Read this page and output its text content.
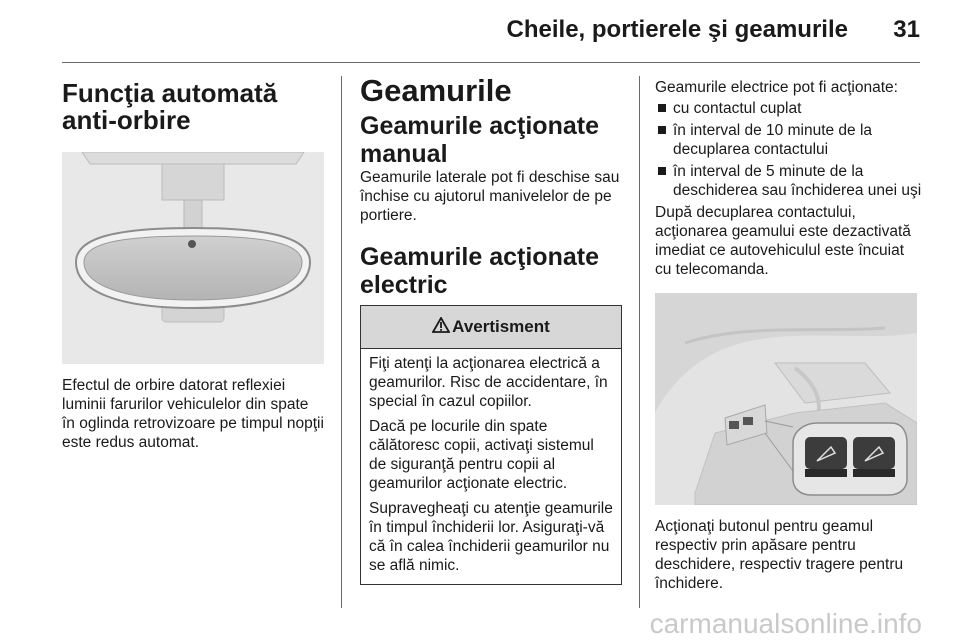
Cheile, portierele şi geamurile 31
Funcţia automată
anti-orbire

Efectul de orbire datorat reflexiei luminii farurilor vehiculelor din spate în oglinda retrovizoare pe timpul nopţii este redus automat.

Geamurile
Geamurile acţionate
manual

Geamurile laterale pot fi deschise sau închise cu ajutorul manivelelor de pe portiere.

Geamurile acţionate
electric
Avertisment

Fiţi atenţi la acţionarea electrică a geamurilor. Risc de accidentare, în special în cazul copiilor.

Dacă pe locurile din spate călătoresc copii, activaţi sistemul de siguranţă pentru copii al geamurilor acţionate electric.

Supravegheaţi cu atenţie geamurile în timpul închiderii lor. Asiguraţi-vă că în calea închiderii geamurilor nu se află nimic.

Geamurile electrice pot fi acţionate:

cu contactul cuplat
în interval de 10 minute de la decuplarea contactului
în interval de 5 minute de la deschiderea sau închiderea unei uşi

După decuplarea contactului, acţionarea geamului este dezactivată imediat ce autovehiculul este încuiat cu telecomanda.

Acţionaţi butonul pentru geamul respectiv prin apăsare pentru deschidere, respectiv tragere pentru închidere.

carmanualsonline.info
